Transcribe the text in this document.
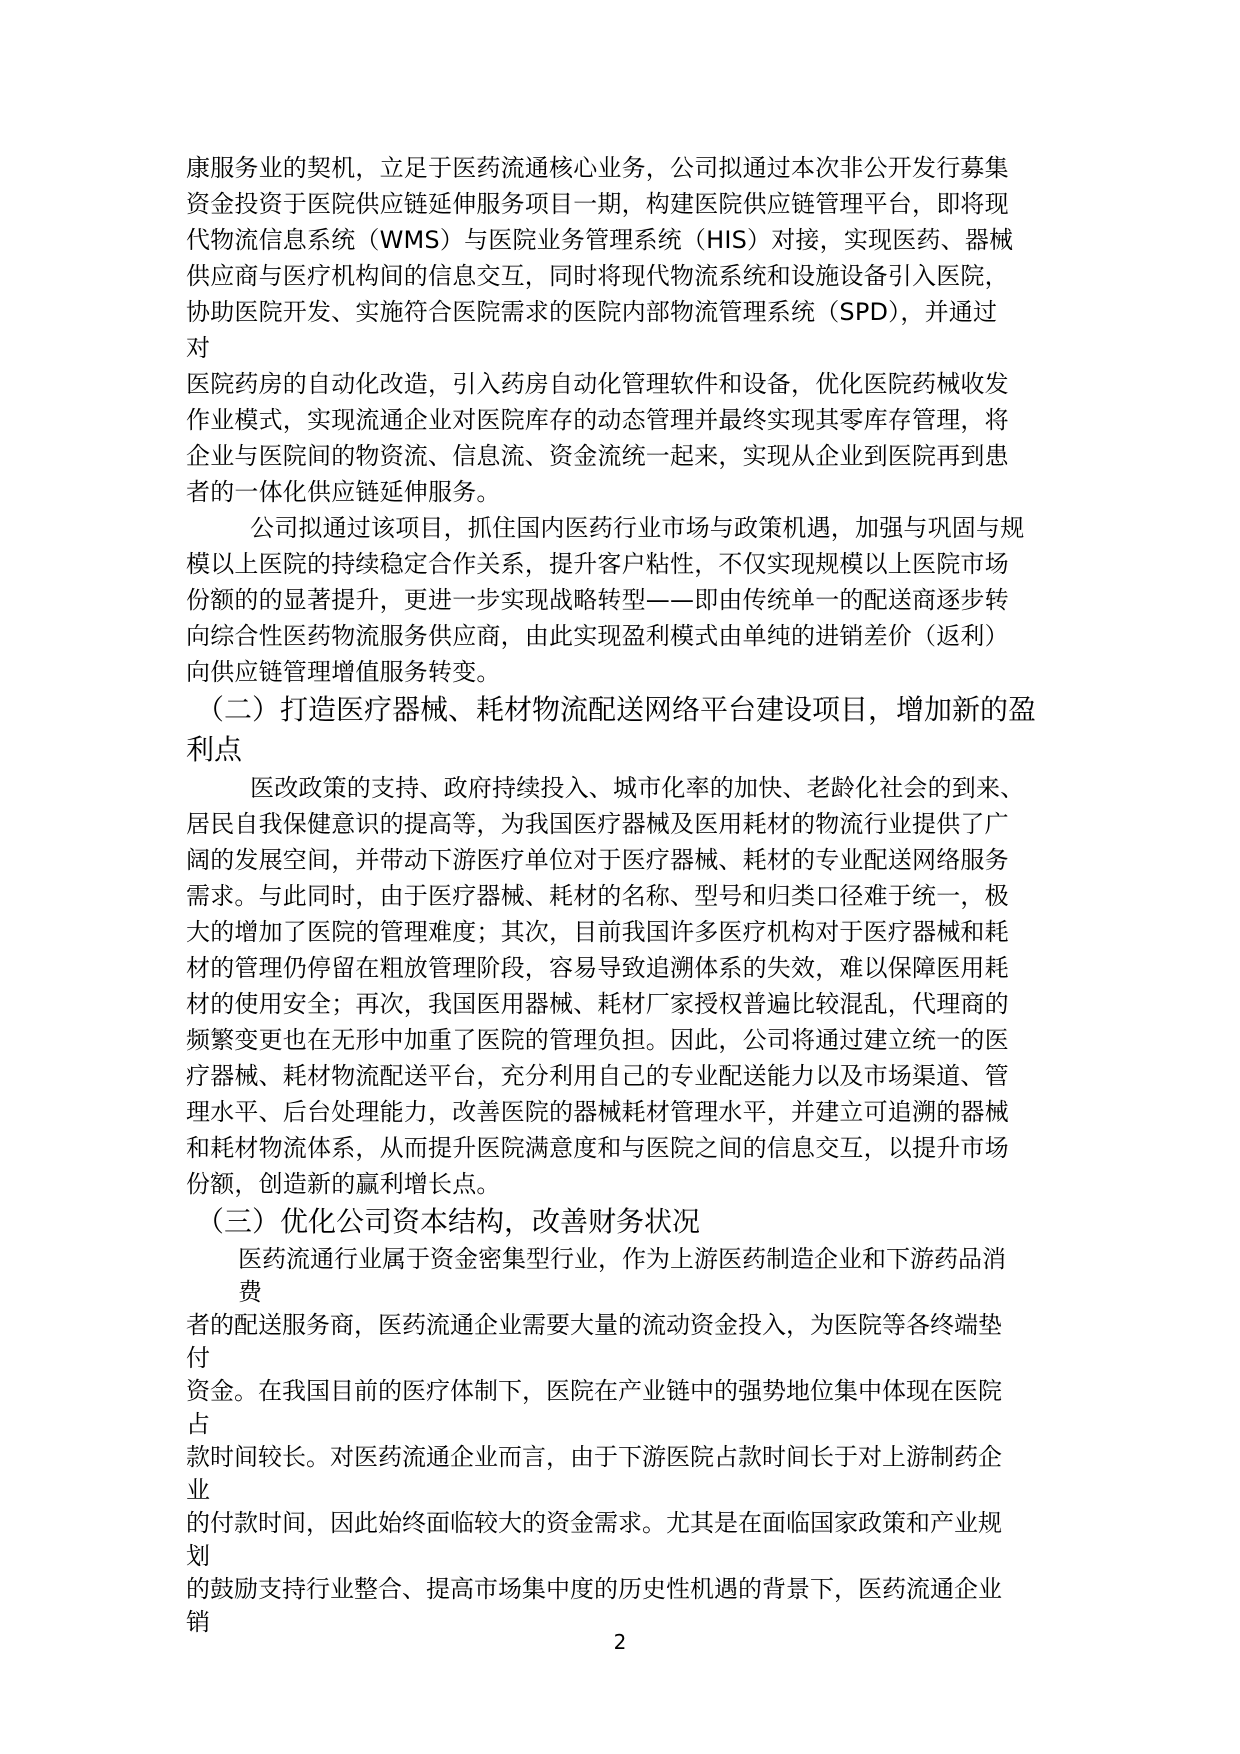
康服务业的契机，立足于医药流通核心业务，公司拟通过本次非公开发行募集
资金投资于医院供应链延伸服务项目一期，构建医院供应链管理平台，即将现
代物流信息系统（WMS）与医院业务管理系统（HIS）对接，实现医药、器械
供应商与医疗机构间的信息交互，同时将现代物流系统和设施设备引入医院，
协助医院开发、实施符合医院需求的医院内部物流管理系统（SPD），并通过
对
医院药房的自动化改造，引入药房自动化管理软件和设备，优化医院药械收发
作业模式，实现流通企业对医院库存的动态管理并最终实现其零库存管理，将
企业与医院间的物资流、信息流、资金流统一起来，实现从企业到医院再到患
者的一体化供应链延伸服务。
公司拟通过该项目，抓住国内医药行业市场与政策机遇，加强与巩固与规
模以上医院的持续稳定合作关系，提升客户粘性，不仅实现规模以上医院市场
份额的的显著提升，更进一步实现战略转型——即由传统单一的配送商逐步转
向综合性医药物流服务供应商，由此实现盈利模式由单纯的进销差价（返利）
向供应链管理增值服务转变。
（二）打造医疗器械、耗材物流配送网络平台建设项目，增加新的盈
利点
医改政策的支持、政府持续投入、城市化率的加快、老龄化社会的到来、
居民自我保健意识的提高等，为我国医疗器械及医用耗材的物流行业提供了广
阔的发展空间，并带动下游医疗单位对于医疗器械、耗材的专业配送网络服务
需求。与此同时，由于医疗器械、耗材的名称、型号和归类口径难于统一，极
大的增加了医院的管理难度；其次，目前我国许多医疗机构对于医疗器械和耗
材的管理仍停留在粗放管理阶段，容易导致追溯体系的失效，难以保障医用耗
材的使用安全；再次，我国医用器械、耗材厂家授权普遍比较混乱，代理商的
频繁变更也在无形中加重了医院的管理负担。因此，公司将通过建立统一的医
疗器械、耗材物流配送平台，充分利用自己的专业配送能力以及市场渠道、管
理水平、后台处理能力，改善医院的器械耗材管理水平，并建立可追溯的器械
和耗材物流体系，从而提升医院满意度和与医院之间的信息交互，以提升市场
份额，创造新的赢利增长点。
（三）优化公司资本结构，改善财务状况
医药流通行业属于资金密集型行业，作为上游医药制造企业和下游药品消
费
者的配送服务商，医药流通企业需要大量的流动资金投入，为医院等各终端垫
付
资金。在我国目前的医疗体制下，医院在产业链中的强势地位集中体现在医院
占
款时间较长。对医药流通企业而言，由于下游医院占款时间长于对上游制药企
业
的付款时间，因此始终面临较大的资金需求。尤其是在面临国家政策和产业规
划
的鼓励支持行业整合、提高市场集中度的历史性机遇的背景下，医药流通企业
销
2
